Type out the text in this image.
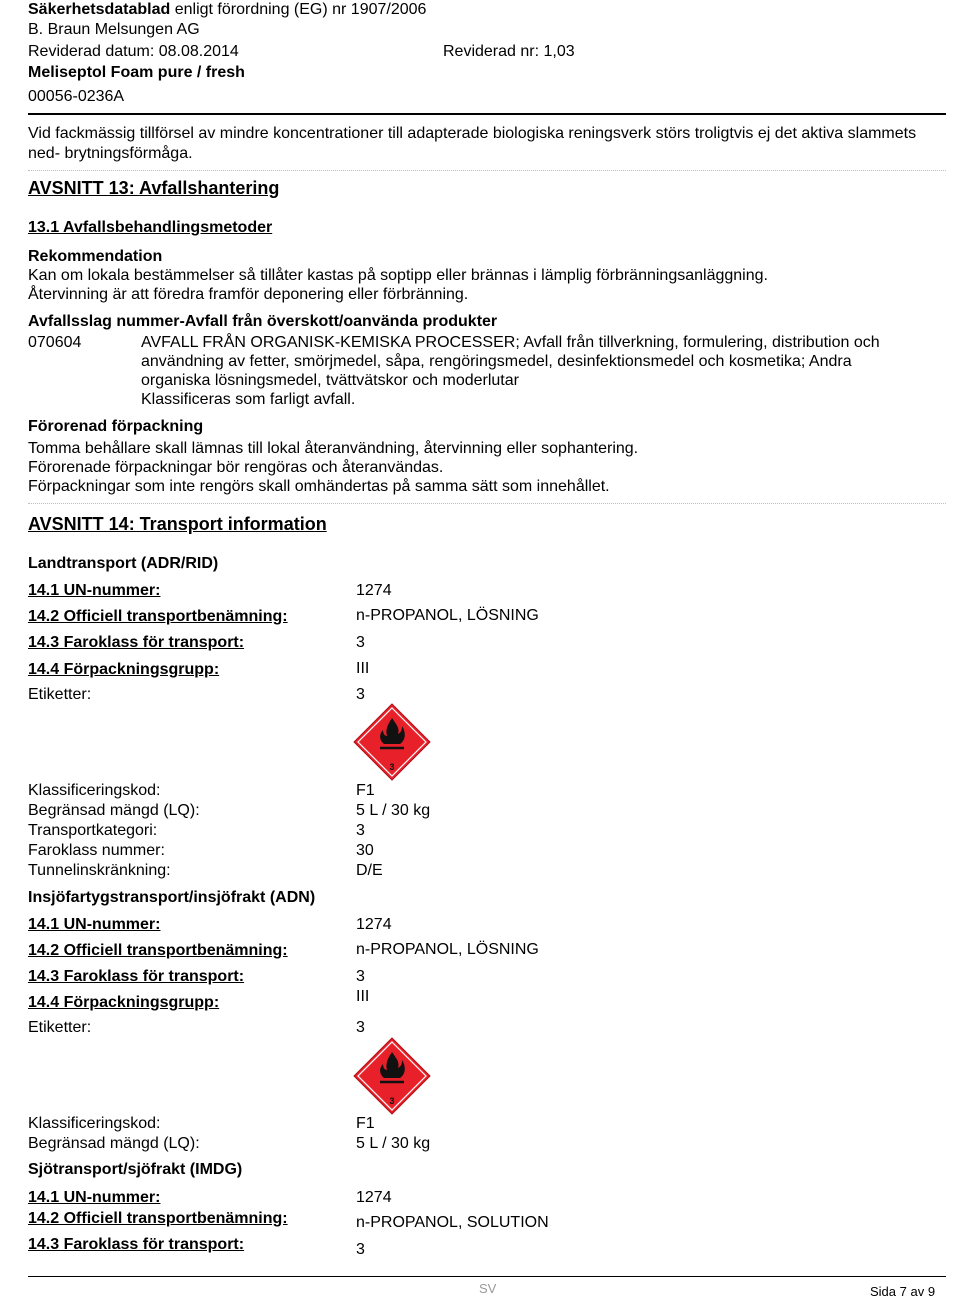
Säkerhetsdatablad enligt förordning (EG) nr 1907/2006
B. Braun Melsungen AG
Reviderad datum: 08.08.2014	Reviderad nr: 1,03
Meliseptol Foam pure / fresh
00056-0236A
Vid fackmässig tillförsel av mindre koncentrationer till adapterade biologiska reningsverk störs troligtvis ej det aktiva slammets
ned- brytningsförmåga.
AVSNITT 13: Avfallshantering
13.1 Avfallsbehandlingsmetoder
Rekommendation
Kan om lokala bestämmelser så tillåter kastas på soptipp eller brännas i lämplig förbränningsanläggning.
Återvinning är att föredra framför deponering eller förbränning.
Avfallsslag nummer-Avfall från överskott/oanvända produkter
070604	AVFALL FRÅN ORGANISK-KEMISKA PROCESSER; Avfall från tillverkning, formulering, distribution och
användning av fetter, smörjmedel, såpa, rengöringsmedel, desinfektionsmedel och kosmetika; Andra
organiska lösningsmedel, tvättvätskor och moderlutar
Klassificeras som farligt avfall.
Förorenad förpackning
Tomma behållare skall lämnas till lokal återanvändning, återvinning eller sophantering.
Förorenade förpackningar bör rengöras och återanvändas.
Förpackningar som inte rengörs skall omhändertas på samma sätt som innehållet.
AVSNITT 14: Transport information
Landtransport (ADR/RID)
14.1 UN-nummer:	1274
14.2 Officiell transportbenämning:	n-PROPANOL, LÖSNING
14.3 Faroklass för transport:	3
14.4 Förpackningsgrupp:	III
Etiketter:	3
3
Klassificeringskod:	F1
Begränsad mängd (LQ):	5 L / 30 kg
Transportkategori:	3
Faroklass nummer:	30
Tunnelinskränkning:	D/E
Insjöfartygstransport/insjöfrakt (ADN)
14.1 UN-nummer:	1274
14.2 Officiell transportbenämning:	n-PROPANOL, LÖSNING
14.3 Faroklass för transport:	3
14.4 Förpackningsgrupp:	III
Etiketter:	3
3
Klassificeringskod:	F1
Begränsad mängd (LQ):	5 L / 30 kg
Sjötransport/sjöfrakt (IMDG)
14.1 UN-nummer:	1274
14.2 Officiell transportbenämning:	n-PROPANOL, SOLUTION
14.3 Faroklass för transport:	3
SV	Sida 7 av 9
